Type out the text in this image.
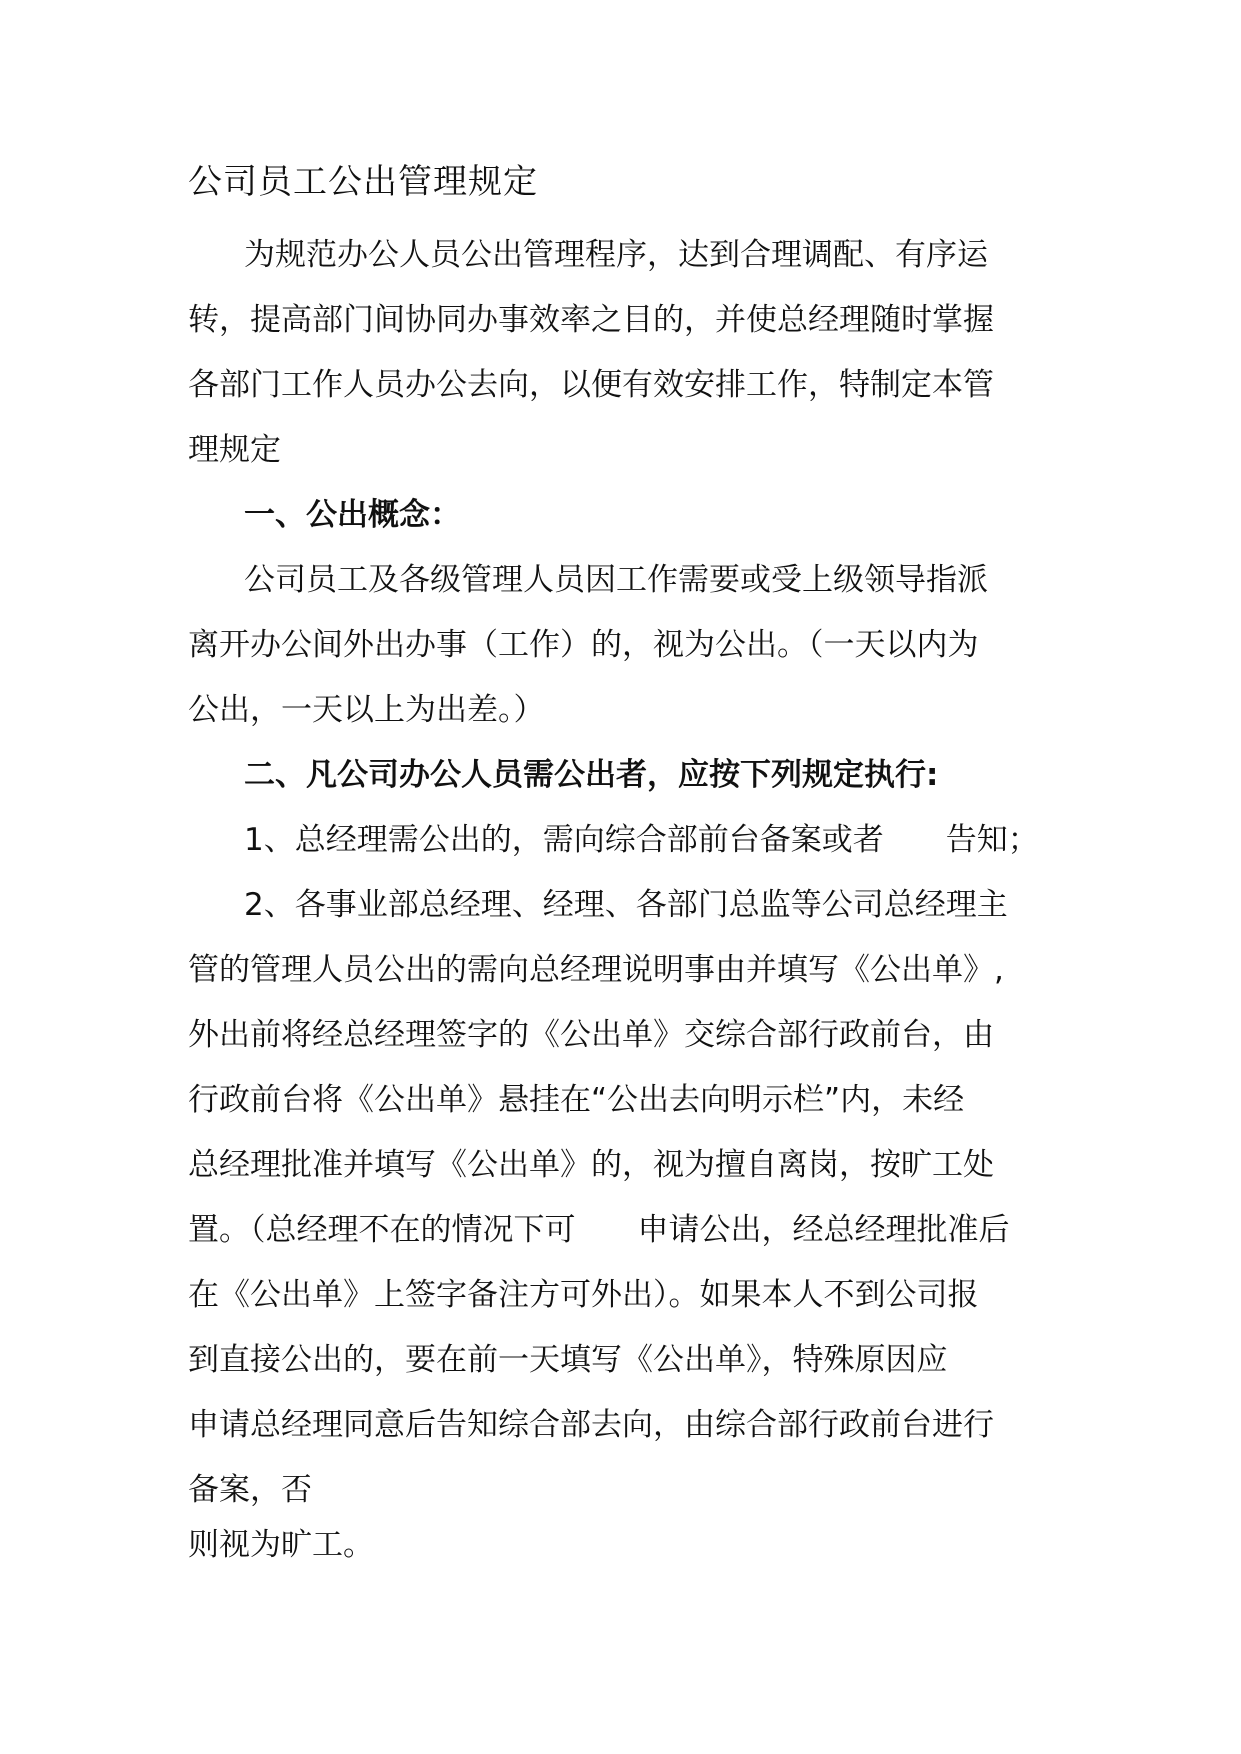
公司员工公出管理规定
为规范办公人员公出管理程序，达到合理调配、有序运
转，提高部门间协同办事效率之目的，并使总经理随时掌握
各部门工作人员办公去向，以便有效安排工作，特制定本管
理规定
一、公出概念：
公司员工及各级管理人员因工作需要或受上级领导指派
离开办公间外出办事（工作）的，视为公出。（一天以内为
公出，一天以上为出差。）
二、凡公司办公人员需公出者，应按下列规定执行:
1、总经理需公出的，需向综合部前台备案或者　　告知；
2、各事业部总经理、经理、各部门总监等公司总经理主
管的管理人员公出的需向总经理说明事由并填写《公出单》,
外出前将经总经理签字的《公出单》交综合部行政前台，由
行政前台将《公出单》悬挂在“公出去向明示栏”内，未经
总经理批准并填写《公出单》的，视为擅自离岗，按旷工处
置。（总经理不在的情况下可　　申请公出，经总经理批准后
在《公出单》上签字备注方可外出）。如果本人不到公司报
到直接公出的，要在前一天填写《公出单》，特殊原因应
申请总经理同意后告知综合部去向，由综合部行政前台进行
备案，否
则视为旷工。
